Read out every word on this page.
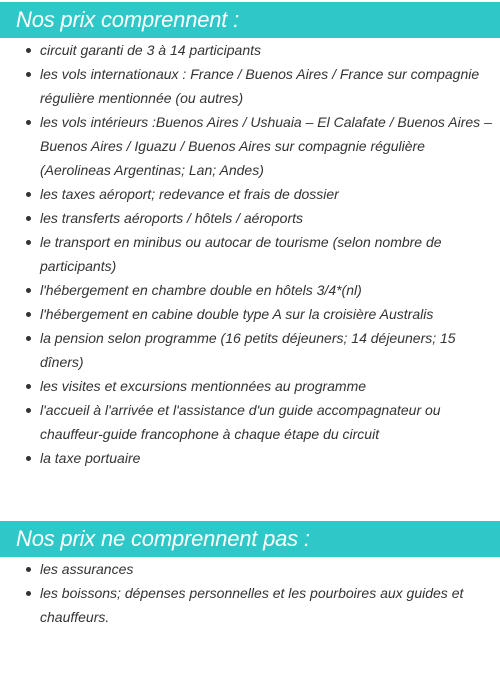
Nos prix comprennent :
circuit garanti de 3 à 14 participants
les vols internationaux : France / Buenos Aires / France sur compagnie régulière mentionnée (ou autres)
les vols intérieurs :Buenos Aires / Ushuaia – El Calafate / Buenos Aires – Buenos Aires / Iguazu / Buenos Aires sur compagnie régulière (Aerolineas Argentinas; Lan; Andes)
les taxes aéroport; redevance et frais de dossier
les transferts aéroports / hôtels / aéroports
le transport en minibus ou autocar de tourisme (selon nombre de participants)
l'hébergement en chambre double en hôtels 3/4*(nl)
l'hébergement en cabine double type A sur la croisière Australis
la pension selon programme (16 petits déjeuners; 14 déjeuners; 15 dîners)
les visites et excursions mentionnées au programme
l'accueil à l'arrivée et l'assistance d'un guide accompagnateur ou chauffeur-guide francophone à chaque étape du circuit
la taxe portuaire
Nos prix ne comprennent pas :
les assurances
les boissons; dépenses personnelles et les pourboires aux guides et chauffeurs.
